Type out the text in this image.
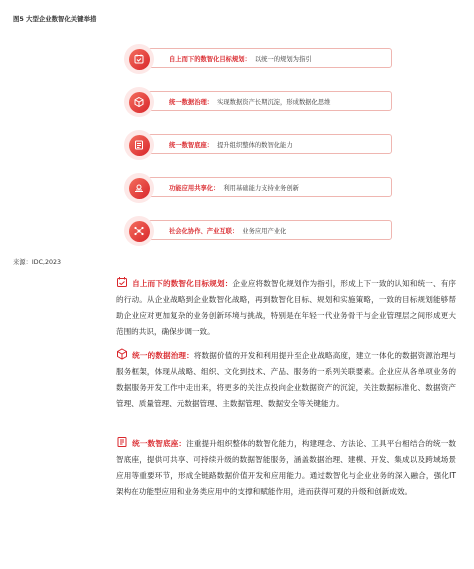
图5 大型企业数智化关键举措
自上而下的数智化目标规划： 以统一的规划为指引
统一数据治理： 实现数据资产长期沉淀，形成数据化思维
统一数智底座： 提升组织整体的数智化能力
功能应用共享化： 利用基础能力支持业务创新
社会化协作、产业互联： 业务应用产业化
来源：IDC,2023
自上而下的数智化目标规划：企业应将数智化规划作为指引，形成上下一致的认知和统一、有序的行动。从企业战略到企业数智化战略，再到数智化目标、规划和实施策略，一致的目标规划能够帮助企业应对更加复杂的业务创新环境与挑战，特别是在年轻一代业务骨干与企业管理层之间形成更大范围的共识，确保步调一致。
统一的数据治理：将数据价值的开发和利用提升至企业战略高度，建立一体化的数据资源治理与服务框架，体现从战略、组织、文化到技术、产品、服务的一系列关联要素。企业应从各单项业务的数据服务开发工作中走出来，将更多的关注点投向企业数据资产的沉淀，关注数据标准化、数据资产管理、质量管理、元数据管理、主数据管理、数据安全等关键能力。
统一数智底座：注重提升组织整体的数智化能力，构建理念、方法论、工具平台相结合的统一数智底座，提供可共享、可持续升级的数据智能服务，涵盖数据治理、建模、开发、集成以及跨域场景应用等重要环节，形成全链路数据价值开发和应用能力。通过数智化与企业业务的深入融合，强化IT架构在功能型应用和业务类应用中的支撑和赋能作用，进而获得可观的升级和创新成效。
